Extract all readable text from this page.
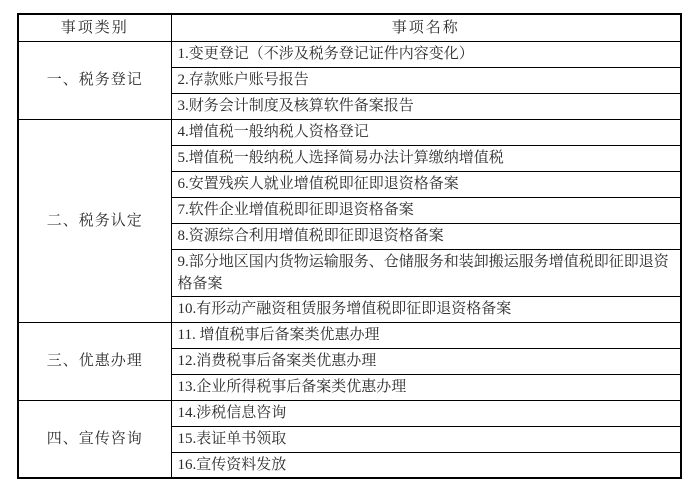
事项类别	事项名称
一、税务登记	1.变更登记（不涉及税务登记证件内容变化）
	2.存款账户账号报告
	3.财务会计制度及核算软件备案报告
二、税务认定	4.增值税一般纳税人资格登记
	5.增值税一般纳税人选择简易办法计算缴纳增值税
	6.安置残疾人就业增值税即征即退资格备案
	7.软件企业增值税即征即退资格备案
	8.资源综合利用增值税即征即退资格备案
	9.部分地区国内货物运输服务、仓储服务和装卸搬运服务增值税即征即退资格备案
	10.有形动产融资租赁服务增值税即征即退资格备案
三、优惠办理	11. 增值税事后备案类优惠办理
	12.消费税事后备案类优惠办理
	13.企业所得税事后备案类优惠办理
四、宣传咨询	14.涉税信息咨询
	15.表证单书领取
	16.宣传资料发放
